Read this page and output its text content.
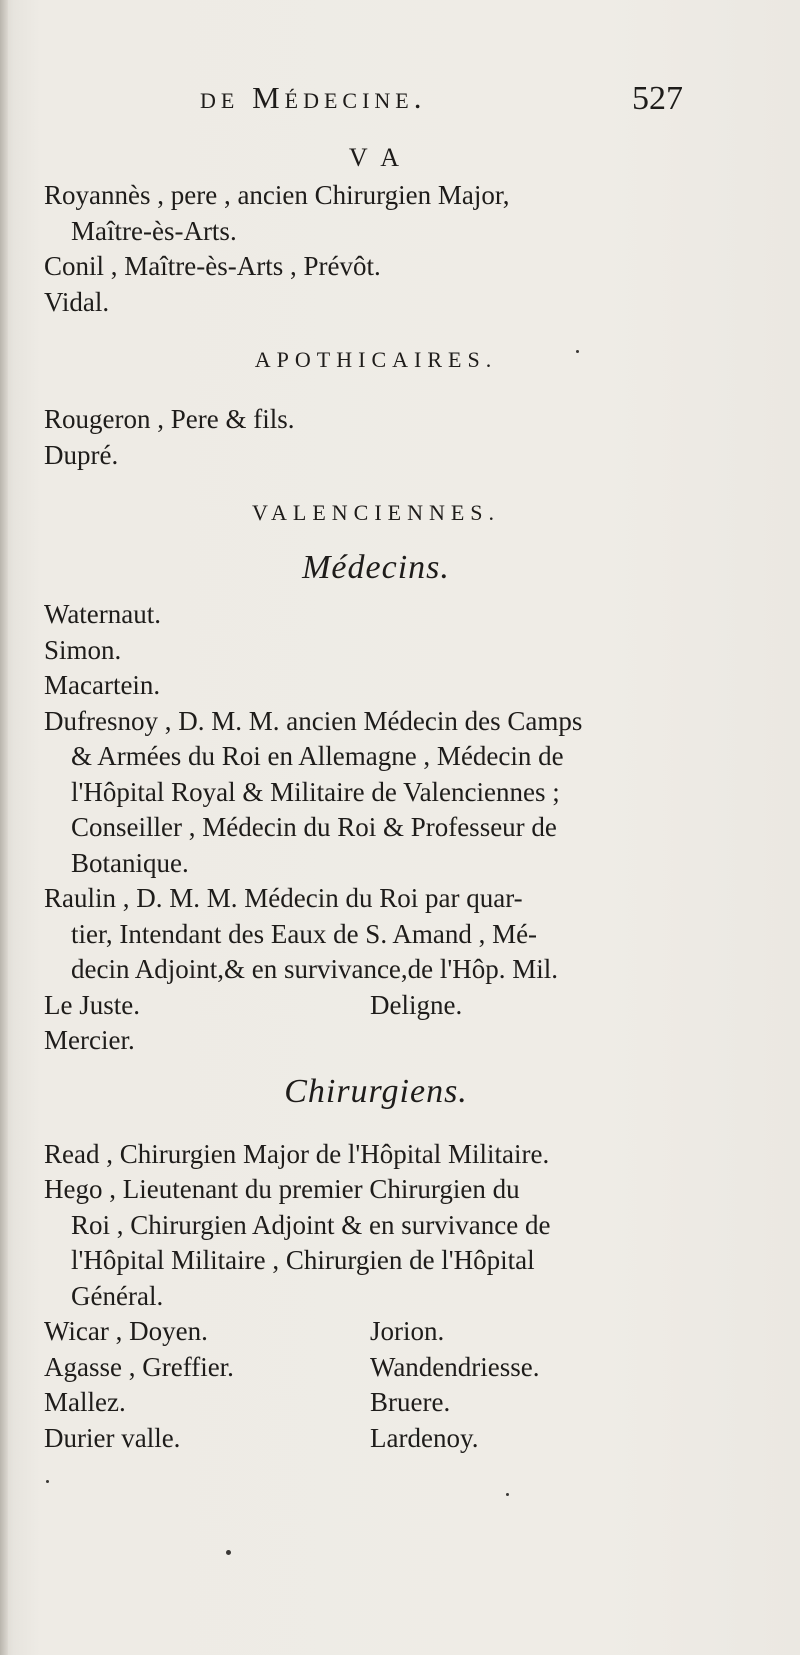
de Médecine.	527
V A
Royannès , pere , ancien Chirurgien Major,
Maître-ès-Arts.
Conil , Maître-ès-Arts , Prévôt.
Vidal.
APOTHICAIRES.
Rougeron , Pere & fils.
Dupré.
VALENCIENNES.
Médecins.
Waternaut.
Simon.
Macartein.
Dufresnoy , D. M. M. ancien Médecin des Camps
& Armées du Roi en Allemagne , Médecin de
l'Hôpital Royal & Militaire de Valenciennes ;
Conseiller , Médecin du Roi & Professeur de
Botanique.
Raulin , D. M. M. Médecin du Roi par quar-
tier, Intendant des Eaux de S. Amand , Mé-
decin Adjoint,& en survivance,de l'Hôp. Mil.
Le Juste.	Deligne.
Mercier.
Chirurgiens.
Read , Chirurgien Major de l'Hôpital Militaire.
Hego , Lieutenant du premier Chirurgien du
Roi , Chirurgien Adjoint & en survivance de
l'Hôpital Militaire , Chirurgien de l'Hôpital
Général.
Wicar , Doyen.	Jorion.
Agasse , Greffier.	Wandendriesse.
Mallez.	Bruere.
Durier valle.	Lardenoy.
